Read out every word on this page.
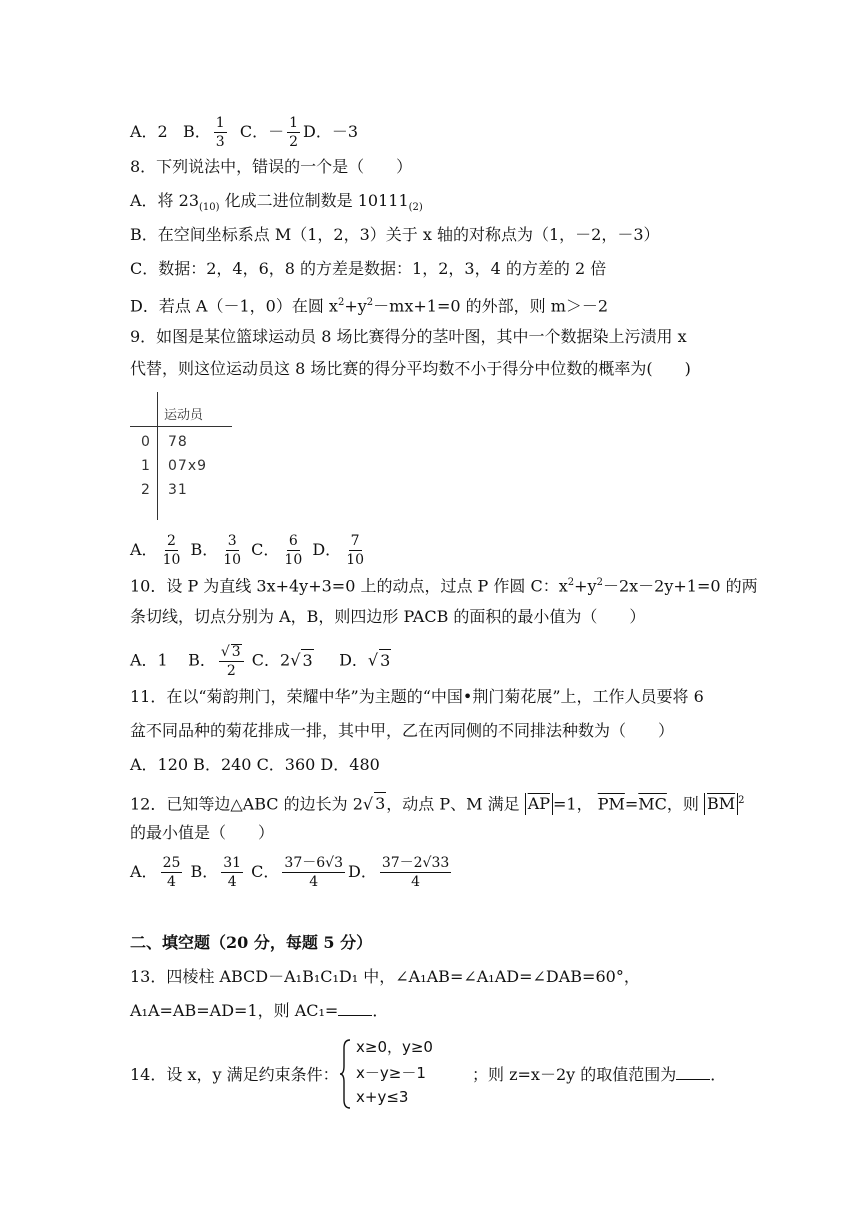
A．2 B． $\frac{1}{3}$ C．－ $\frac{1}{2}$ D．－3
8．下列说法中，错误的一个是（　　）
A．将 $23_{(10)}$ 化成二进位制数是 $10111_{(2)}$
B．在空间坐标系点 M（1，2，3）关于 x 轴的对称点为（1，－2，－3）
C．数据：2，4，6，8 的方差是数据：1，2，3，4 的方差的 2 倍
D．若点 A（－1，0）在圆 $x^2+y^2-mx+1=0$ 的外部，则 m＞－2
9．如图是某位篮球运动员 8 场比赛得分的茎叶图，其中一个数据染上污渍用 x
代替，则这位运动员这 8 场比赛的得分平均数不小于得分中位数的概率为(　　)
运动员
0 78
1 07x9
2 31
A． $\frac{2}{10}$ B． $\frac{3}{10}$ C． $\frac{6}{10}$ D． $\frac{7}{10}$
10．设 P 为直线 3x+4y+3=0 上的动点，过点 P 作圆 C：$x^2+y^2-2x-2y+1=0$ 的两
条切线，切点分别为 A，B，则四边形 PACB 的面积的最小值为（　　）
A．1 B． $\frac{√ 3}{2}$ C．2√ 3 D．√ 3
11．在以“菊韵荆门，荣耀中华”为主题的“中国•荆门菊花展”上，工作人员要将 6
盆不同品种的菊花排成一排，其中甲，乙在丙同侧的不同排法种数为（　　）
A．120 B．240 C．360 D．480
12．已知等边△ABC 的边长为 2√ 3，动点 P、M 满足 $\overline{AP} =1$， $\overline{PM}=\overline{MC}$，则 $\overline{BM}$ $^2$
的最小值是（　　）
A． $\frac{25}{4}$ B． $\frac{31}{4}$ C． $\frac{37-6√3}{4}$ D． $\frac{37-2√33}{4}$
二、填空题（20 分，每题 5 分）
13．四棱柱 ABCD－A₁B₁C₁D₁ 中，∠A₁AB=∠A₁AD=∠DAB=60°，
A₁A=AB=AD=1，则 AC₁= ．
14．设 x，y 满足约束条件：
x≥0，y≥0
x－y≥－1
x+y≤3
；则 z=x－2y 的取值范围为 ．
